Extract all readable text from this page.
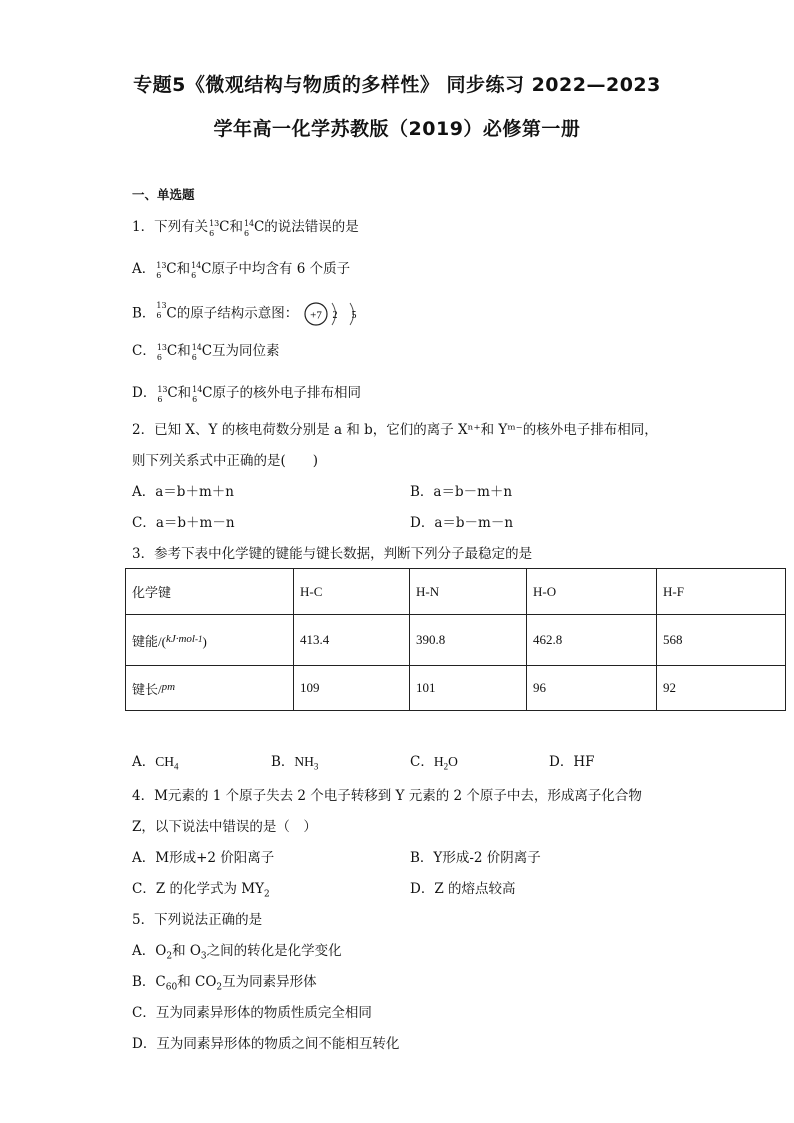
专题5《微观结构与物质的多样性》 同步练习 2022—2023
学年高一化学苏教版（2019）必修第一册
一、单选题
1．下列有关 13
6 C和 14
6 C的说法错误的是
A． 13
6 C和 14
6 C原子中均含有 6 个质子
B． 13
6 C的原子结构示意图： +7 2 5
C． 13
6 C和 14
6 C互为同位素
D． 13
6 C和 14
6 C原子的核外电子排布相同
2．已知 X、Y 的核电荷数分别是 a 和 b，它们的离子 Xⁿ⁺和 Yᵐ⁻的核外电子排布相同，
则下列关系式中正确的是(　　)
A．a＝b＋m＋n	B．a＝b－m＋n
C．a＝b＋m－n	D．a＝b－m－n
3．参考下表中化学键的键能与键长数据，判断下列分子最稳定的是
化学键	H-C	H-N	H-O	H-F
键能/($^{kJ\cdot mol-1}$)	413.4	390.8	462.8	568
键长/$^{pm}$	109	101	96	92
A．$CH_4$	B．$NH_3$	C．$H_2O$	D．HF
4．M元素的 1 个原子失去 2 个电子转移到 Y 元素的 2 个原子中去，形成离子化合物
Z，以下说法中错误的是（　）
A．M形成+2 价阳离子	B．Y形成-2 价阴离子
C．Z 的化学式为 $MY_2$	D．Z 的熔点较高
5．下列说法正确的是
A．$O_2$和 $O_3$之间的转化是化学变化
B．$C_{60}$和 $CO_2$互为同素异形体
C．互为同素异形体的物质性质完全相同
D．互为同素异形体的物质之间不能相互转化
